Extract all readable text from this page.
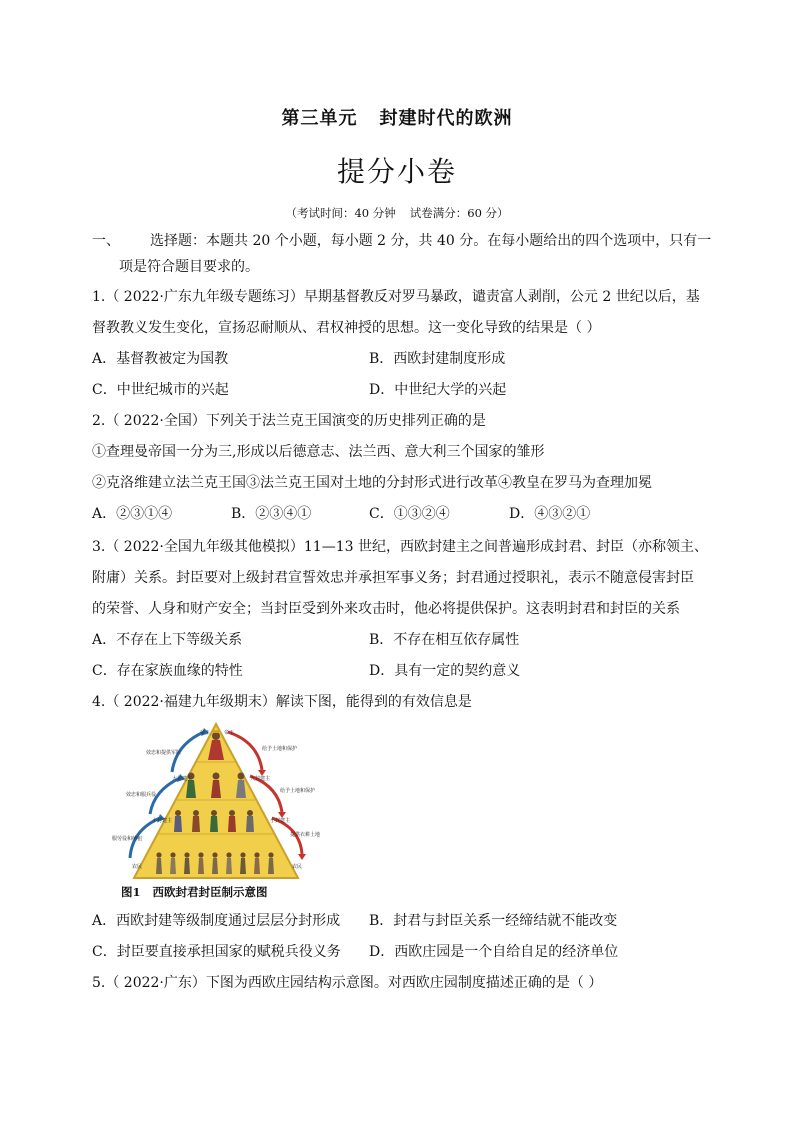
第三单元 封建时代的欧洲
提分小卷
（考试时间：40 分钟 试卷满分：60 分）
一、 选择题：本题共 20 个小题，每小题 2 分，共 40 分。在每小题给出的四个选项中，只有一
项是符合题目要求的。
1.（ 2022·广东九年级专题练习）早期基督教反对罗马暴政，谴责富人剥削，公元 2 世纪以后，基
督教教义发生变化，宣扬忍耐顺从、君权神授的思想。这一变化导致的结果是（ ）
A．基督教被定为国教	B．西欧封建制度形成
C．中世纪城市的兴起	D．中世纪大学的兴起
2.（ 2022·全国）下列关于法兰克王国演变的历史排列正确的是
①查理曼帝国一分为三,形成以后德意志、法兰西、意大利三个国家的雏形
②克洛维建立法兰克王国③法兰克王国对土地的分封形式进行改革④教皇在罗马为查理加冕
A．②③①④	B．②③④①	C．①③②④	D．④③②①
3.（ 2022·全国九年级其他模拟）11—13 世纪，西欧封建主之间普遍形成封君、封臣（亦称领主、
附庸）关系。封臣要对上级封君宣誓效忠并承担军事义务；封君通过授职礼，表示不随意侵害封臣
的荣誉、人身和财产安全；当封臣受到外来攻击时，他必将提供保护。这表明封君和封臣的关系
A．不存在上下等级关系	B．不存在相互依存属性
C．存在家族血缘的特性	D．具有一定的契约意义
4.（ 2022·福建九年级期末）解读下图，能得到的有效信息是
帝王	帝王
大封建主	大封建主
小封建主	小封建主
农民	农民
效忠和提供军队
效忠和服兵役
服劳役和纳租
给予土地和保护
给予土地和保护
提供衣耕土地
图1 西欧封君封臣制示意图
A．西欧封建等级制度通过层层分封形成 B．封君与封臣关系一经缔结就不能改变
C．封臣要直接承担国家的赋税兵役义务 D．西欧庄园是一个自给自足的经济单位
5.（ 2022·广东）下图为西欧庄园结构示意图。对西欧庄园制度描述正确的是（ ）
